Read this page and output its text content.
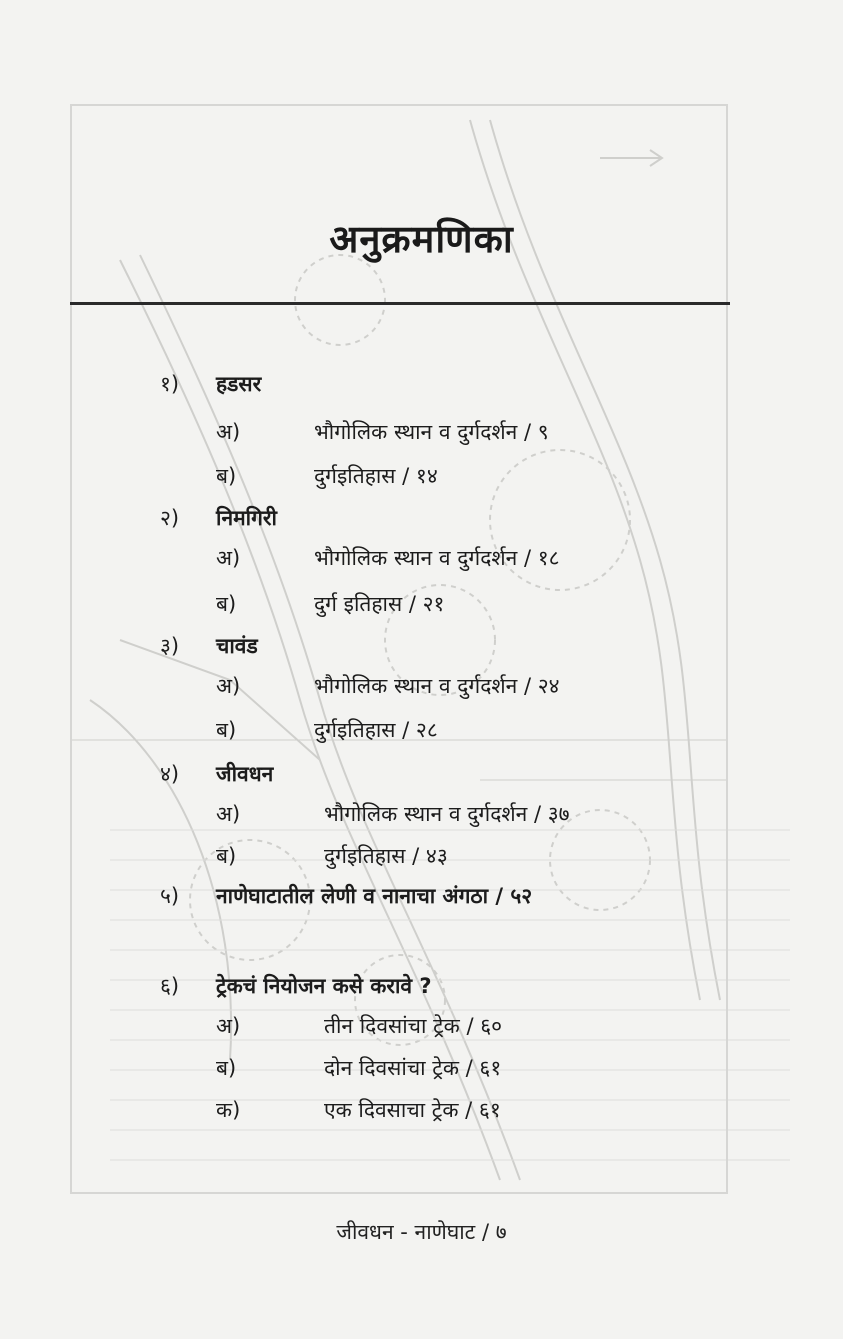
अनुक्रमणिका
१) हडसर
अ)	भौगोलिक स्थान व दुर्गदर्शन / ९
ब)	दुर्गइतिहास / १४
२) निमगिरी
अ)	भौगोलिक स्थान व दुर्गदर्शन / १८
ब)	दुर्ग इतिहास / २१
३) चावंड
अ)	भौगोलिक स्थान व दुर्गदर्शन / २४
ब)	दुर्गइतिहास / २८
४) जीवधन
अ)	भौगोलिक स्थान व दुर्गदर्शन / ३७
ब)	दुर्गइतिहास / ४३
५) नाणेघाटातील लेणी व नानाचा अंगठा / ५२
६) ट्रेकचं नियोजन कसे करावे ?
अ)	तीन दिवसांचा ट्रेक / ६०
ब)	दोन दिवसांचा ट्रेक / ६१
क)	एक दिवसाचा ट्रेक / ६१
जीवधन - नाणेघाट / ७
